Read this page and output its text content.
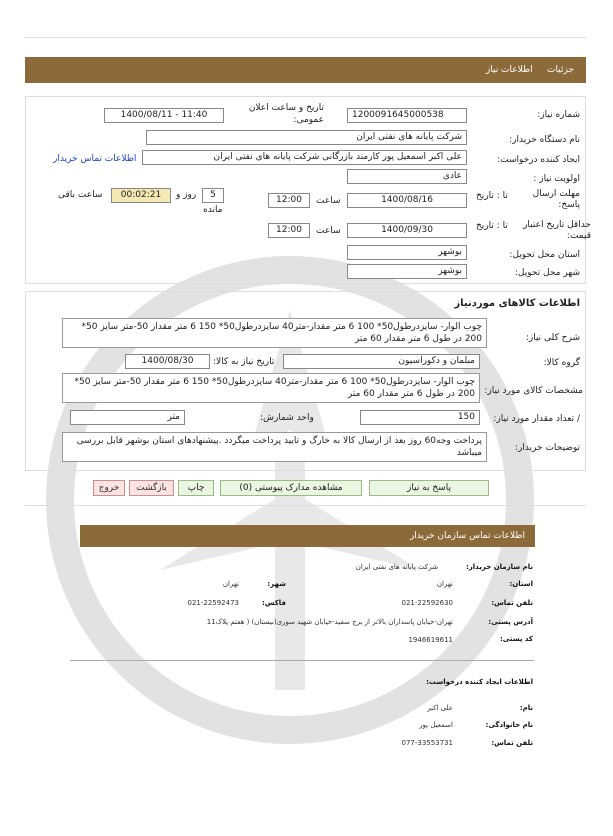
جزئیات     اطلاعات نیاز
شماره نیاز:
1200091645000538
تاریخ و ساعت اعلان عمومی:
1400/08/11 - 11:40
نام دستگاه خریدار:
شرکت پایانه های نفتی ایران
ایجاد کننده درخواست:
علی اکبر اسمعیل پور کارمند بازرگانی شرکت پایانه های نفتی ایران
اطلاعات تماس خریدار
اولویت نیاز :
عادی
مهلت ارسال پاسخ:
تا : تاریخ
1400/08/16
ساعت
12:00
5
روز و
مانده
00:02:21
ساعت باقی
حداقل تاریخ اعتبار قیمت:
تا : تاریخ
1400/09/30
ساعت
12:00
استان محل تحویل:
بوشهر
شهر محل تحویل:
بوشهر
اطلاعات کالاهای موردنیاز
شرح کلی نیاز:
چوب الوار- سایزدرطول50* 100 6 متر مقدار-متر40 سایزدرطول50* 150 6 متر مقدار 50-متر سایز 50* 200 در طول 6 متر مقدار 60 متر
گروه کالا:
مبلمان و دکوراسیون
تاریخ نیاز به کالا:
1400/08/30
مشخصات کالای مورد نیاز:
چوب الوار- سایزدرطول50* 100 6 متر مقدار-متر40 سایزدرطول50* 150 6 متر مقدار 50-متر سایز 50* 200 در طول 6 متر مقدار 60 متر
/ تعداد مقدار مورد نیاز:
150
واحد شمارش:
متر
توضیحات خریدار:
پرداخت وجه60 روز بعد از ارسال کالا به خارگ و تایید پرداخت میگردد .پیشنهادهای استان بوشهر قابل بررسی میباشد
پاسخ به نیاز
مشاهده مدارک پیوستی (0)
چاپ
بازگشت
خروج
اطلاعات تماس سازمان خریدار
نام سازمان خریدار:
شرکت پایانه های نفتی ایران
استان:
تهران
شهر:
تهران
تلفن تماس:
021-22592630
فاکس:
021-22592473
آدرس پستی:
تهران-خیابان پاسداران بالاتر از برج سفید-خیابان شهید سوری(نیستان) ( هفتم پلاک11
کد پستی:
1946619611
اطلاعات ایجاد کننده درخواست:
نام:
علی اکبر
نام خانوادگی:
اسمعیل پور
تلفن تماس:
077-33553731
